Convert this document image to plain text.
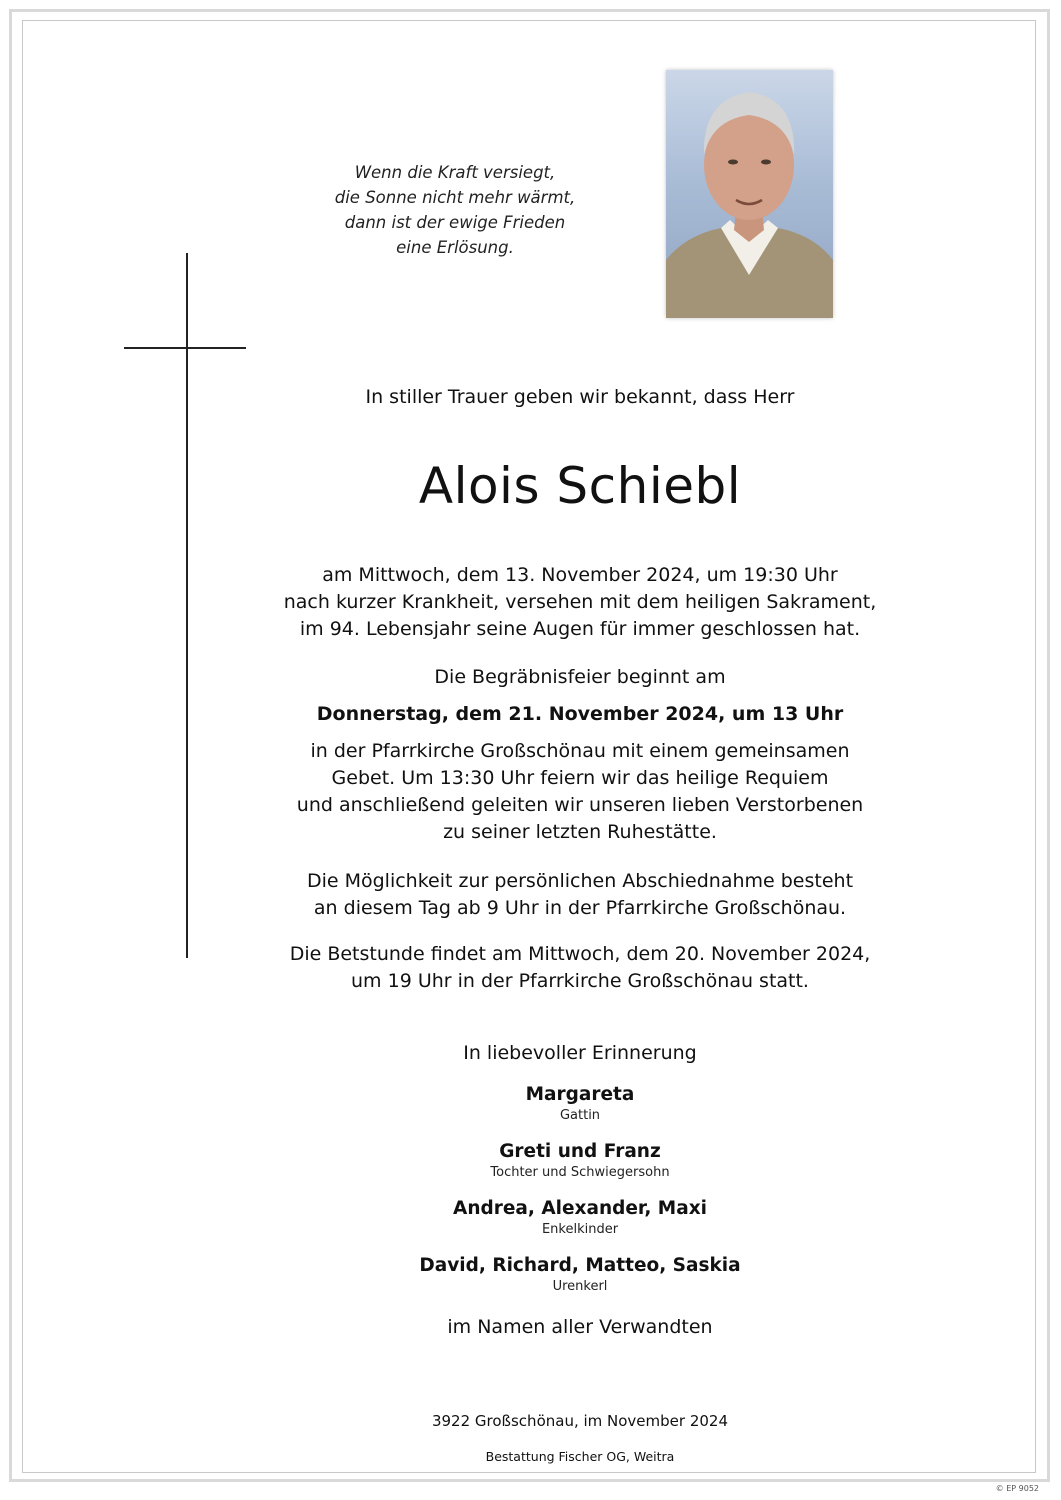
Wenn die Kraft versiegt,
die Sonne nicht mehr wärmt,
dann ist der ewige Frieden
eine Erlösung.
In stiller Trauer geben wir bekannt, dass Herr
Alois Schiebl
am Mittwoch, dem 13. November 2024, um 19:30 Uhr
nach kurzer Krankheit, versehen mit dem heiligen Sakrament,
im 94. Lebensjahr seine Augen für immer geschlossen hat.
Die Begräbnisfeier beginnt am
Donnerstag, dem 21. November 2024, um 13 Uhr
in der Pfarrkirche Großschönau mit einem gemeinsamen
Gebet. Um 13:30 Uhr feiern wir das heilige Requiem
und anschließend geleiten wir unseren lieben Verstorbenen
zu seiner letzten Ruhestätte.
Die Möglichkeit zur persönlichen Abschiednahme besteht
an diesem Tag ab 9 Uhr in der Pfarrkirche Großschönau.
Die Betstunde findet am Mittwoch, dem 20. November 2024,
um 19 Uhr in der Pfarrkirche Großschönau statt.
In liebevoller Erinnerung
Margareta
Gattin
Greti und Franz
Tochter und Schwiegersohn
Andrea, Alexander, Maxi
Enkelkinder
David, Richard, Matteo, Saskia
Urenkerl
im Namen aller Verwandten
3922 Großschönau, im November 2024
Bestattung Fischer OG, Weitra
© EP 9052
